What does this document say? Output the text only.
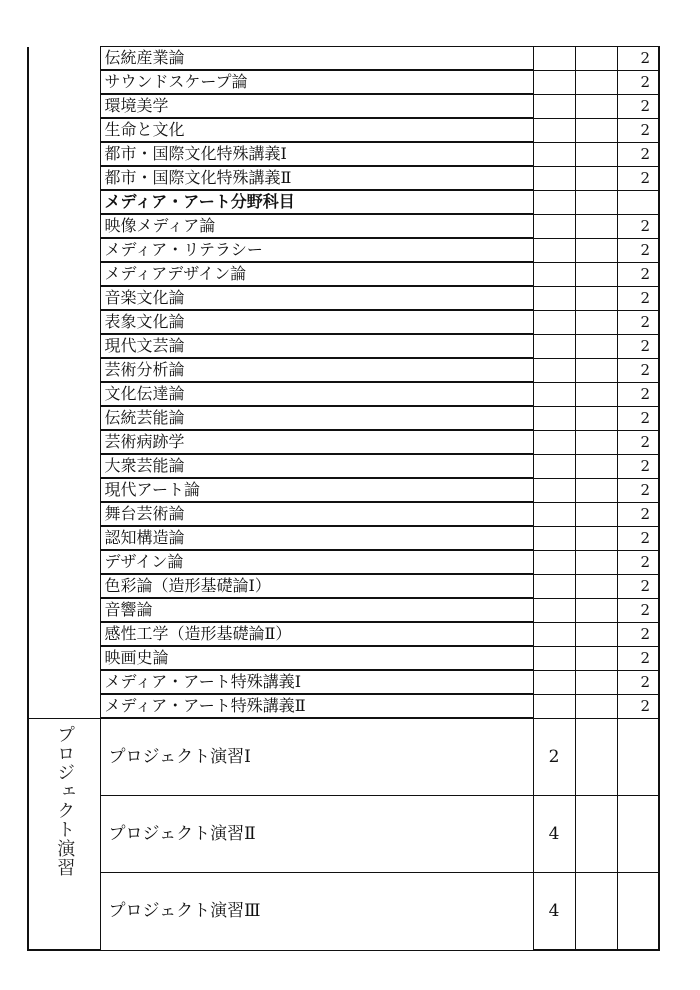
	伝統産業論			2
	サウンドスケープ論			2
	環境美学			2
	生命と文化			2
	都市・国際文化特殊講義Ⅰ			2
	都市・国際文化特殊講義Ⅱ			2
	メディア・アート分野科目			
	映像メディア論			2
	メディア・リテラシー			2
	メディアデザイン論			2
	音楽文化論			2
	表象文化論			2
	現代文芸論			2
	芸術分析論			2
	文化伝達論			2
	伝統芸能論			2
	芸術病跡学			2
	大衆芸能論			2
	現代アート論			2
	舞台芸術論			2
	認知構造論			2
	デザイン論			2
	色彩論（造形基礎論Ⅰ）			2
	音響論			2
	感性工学（造形基礎論Ⅱ）			2
	映画史論			2
	メディア・アート特殊講義Ⅰ			2
	メディア・アート特殊講義Ⅱ			2
プロジェクト演習	プロジェクト演習Ⅰ	2		
	プロジェクト演習Ⅱ	4		
	プロジェクト演習Ⅲ	4		
